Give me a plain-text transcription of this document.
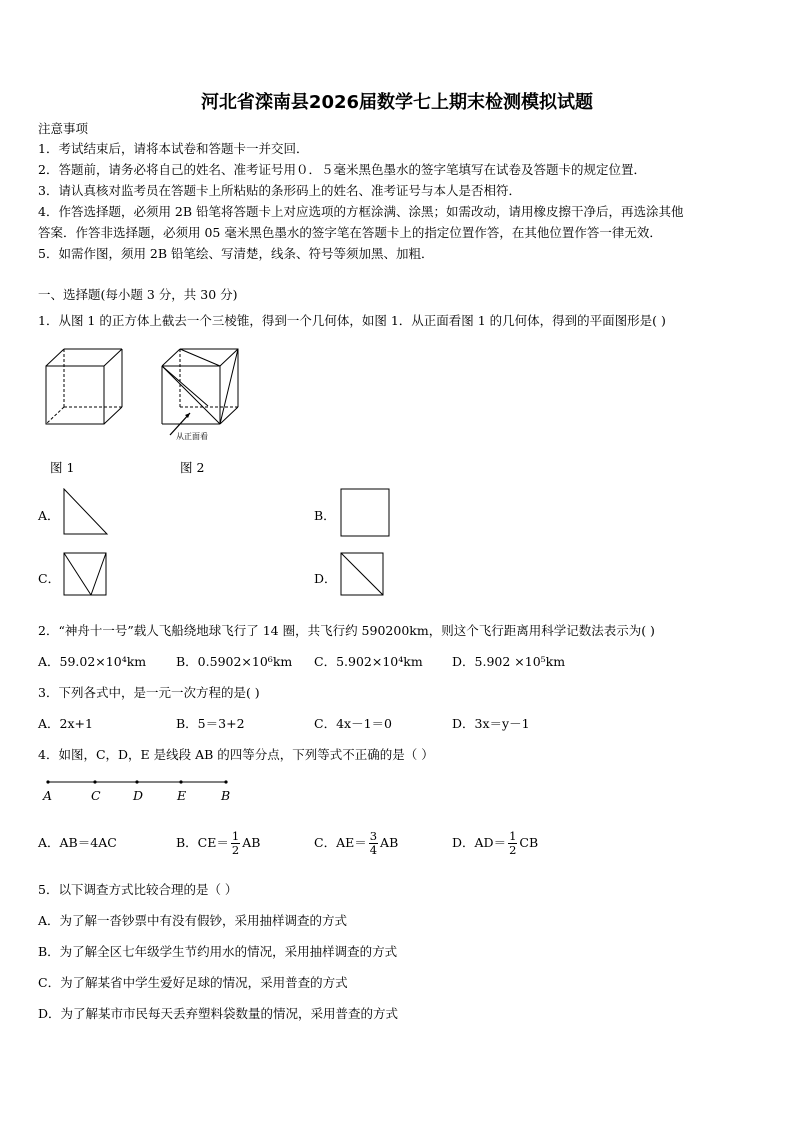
河北省滦南县2026届数学七上期末检测模拟试题
注意事项
1．考试结束后，请将本试卷和答题卡一并交回．
2．答题前，请务必将自己的姓名、准考证号用０．５毫米黑色墨水的签字笔填写在试卷及答题卡的规定位置．
3．请认真核对监考员在答题卡上所粘贴的条形码上的姓名、准考证号与本人是否相符．
4．作答选择题，必须用 2B 铅笔将答题卡上对应选项的方框涂满、涂黑；如需改动，请用橡皮擦干净后，再选涂其他
答案．作答非选择题，必须用 05 毫米黑色墨水的签字笔在答题卡上的指定位置作答，在其他位置作答一律无效．
5．如需作图，须用 2B 铅笔绘、写清楚，线条、符号等须加黑、加粗．
一、选择题(每小题 3 分，共 30 分)
1．从图 1 的正方体上截去一个三棱锥，得到一个几何体，如图 1．从正面看图 1 的几何体，得到的平面图形是( )
从正面看
图 1	图 2
A．	B．
C．	D．
2．“神舟十一号”载人飞船绕地球飞行了 14 圈，共飞行约 590200km，则这个飞行距离用科学记数法表示为( )
A．59.02×10⁴km B．0.5902×10⁶km C．5.902×10⁴km D．5.902 ×10⁵km
3．下列各式中，是一元一次方程的是( )
A．2x+1	B．5＝3+2	C．4x－1＝0	D．3x＝y－1
4．如图，C，D，E 是线段 AB 的四等分点，下列等式不正确的是（ ）
A	C	D	E	B
A．AB＝4AC	B．$CE= \frac{1}{2}$ AB	C．$AE= \frac{3}{4}$ AB	D．$AD= \frac{1}{2}$ CB
5．以下调查方式比较合理的是（ ）
A．为了解一沓钞票中有没有假钞，采用抽样调查的方式
B．为了解全区七年级学生节约用水的情况，采用抽样调查的方式
C．为了解某省中学生爱好足球的情况，采用普查的方式
D．为了解某市市民每天丢弃塑料袋数量的情况，采用普查的方式
